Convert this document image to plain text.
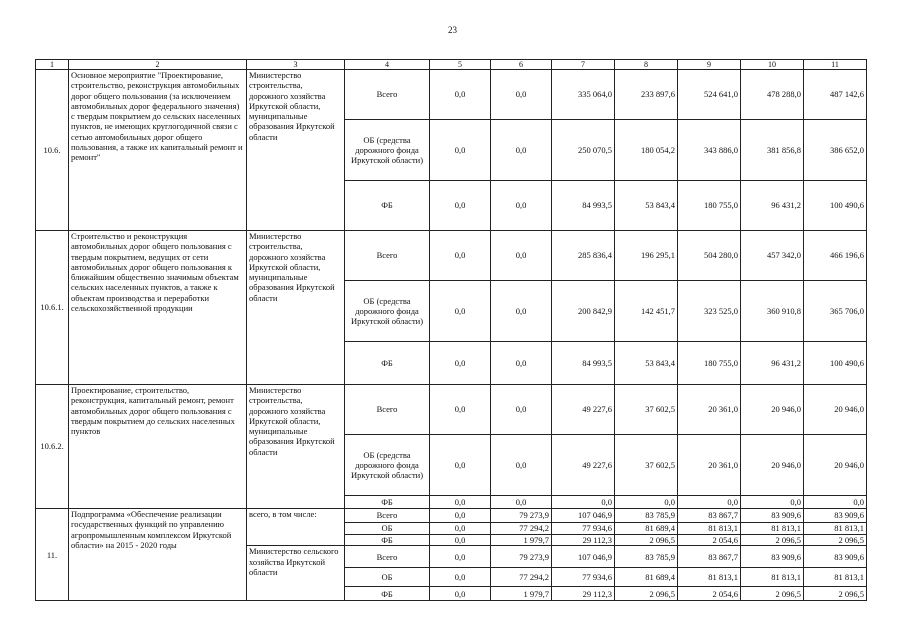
23
1	2	3	4	5	6	7	8	9	10	11
10.6.	Основное мероприятие "Проектирование, строительство, реконструкция автомобильных дорог общего пользования (за исключением автомобильных дорог федерального значения) с твердым покрытием до сельских населенных пунктов, не имеющих круглогодичной связи с сетью автомобильных дорог общего пользования, а также их капитальный ремонт и ремонт"	Министерство строительства, дорожного хозяйства Иркутской области, муниципальные образования Иркутской области	Всего	0,0	0,0	335 064,0	233 897,6	524 641,0	478 288,0	487 142,6
			ОБ (средства дорожного фонда Иркутской области)	0,0	0,0	250 070,5	180 054,2	343 886,0	381 856,8	386 652,0
			ФБ	0,0	0,0	84 993,5	53 843,4	180 755,0	96 431,2	100 490,6
10.6.1.	Строительство и реконструкция автомобильных дорог общего пользования с твердым покрытием, ведущих от сети автомобильных дорог общего пользования к ближайшим общественно значимым объектам сельских населенных пунктов, а также к объектам производства и переработки сельскохозяйственной продукции	Министерство строительства, дорожного хозяйства Иркутской области, муниципальные образования Иркутской области	Всего	0,0	0,0	285 836,4	196 295,1	504 280,0	457 342,0	466 196,6
			ОБ (средства дорожного фонда Иркутской области)	0,0	0,0	200 842,9	142 451,7	323 525,0	360 910,8	365 706,0
			ФБ	0,0	0,0	84 993,5	53 843,4	180 755,0	96 431,2	100 490,6
10.6.2.	Проектирование, строительство, реконструкция, капитальный ремонт, ремонт автомобильных дорог общего пользования с твердым покрытием до сельских населенных пунктов	Министерство строительства, дорожного хозяйства Иркутской области, муниципальные образования Иркутской области	Всего	0,0	0,0	49 227,6	37 602,5	20 361,0	20 946,0	20 946,0
			ОБ (средства дорожного фонда Иркутской области)	0,0	0,0	49 227,6	37 602,5	20 361,0	20 946,0	20 946,0
			ФБ	0,0	0,0	0,0	0,0	0,0	0,0	0,0
11.	Подпрограмма «Обеспечение реализации государственных функций по управлению агропромышленным комплексом Иркутской области» на 2015 - 2020 годы	всего, в том числе:	Всего	0,0	79 273,9	107 046,9	83 785,9	83 867,7	83 909,6	83 909,6
			ОБ	0,0	77 294,2	77 934,6	81 689,4	81 813,1	81 813,1	81 813,1
			ФБ	0,0	1 979,7	29 112,3	2 096,5	2 054,6	2 096,5	2 096,5
		Министерство сельского хозяйства Иркутской области	Всего	0,0	79 273,9	107 046,9	83 785,9	83 867,7	83 909,6	83 909,6
			ОБ	0,0	77 294,2	77 934,6	81 689,4	81 813,1	81 813,1	81 813,1
			ФБ	0,0	1 979,7	29 112,3	2 096,5	2 054,6	2 096,5	2 096,5
